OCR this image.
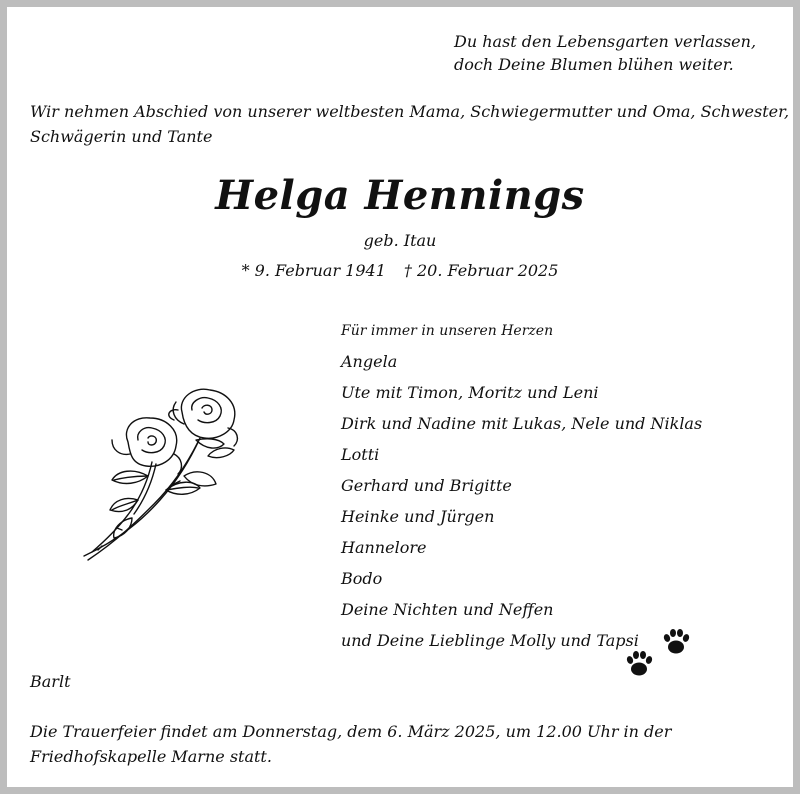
Du hast den Lebensgarten verlassen,
doch Deine Blumen blühen weiter.
Wir nehmen Abschied von unserer weltbesten Mama, Schwiegermutter und Oma, Schwester,
Schwägerin und Tante
Helga Hennings
geb. Itau
* 9. Februar 1941 † 20. Februar 2025
Für immer in unseren Herzen
Angela
Ute mit Timon, Moritz und Leni
Dirk und Nadine mit Lukas, Nele und Niklas
Lotti
Gerhard und Brigitte
Heinke und Jürgen
Hannelore
Bodo
Deine Nichten und Neffen
und Deine Lieblinge Molly und Tapsi
Barlt
Die Trauerfeier findet am Donnerstag, dem 6. März 2025, um 12.00 Uhr in der
Friedhofskapelle Marne statt.
